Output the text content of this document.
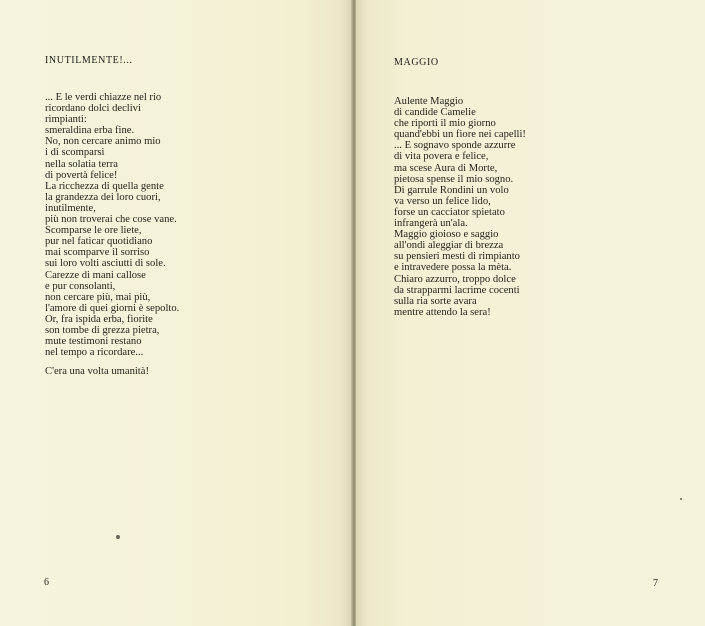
INUTILMENTE!...
... E le verdi chiazze nel rio
ricordano dolci declivi
rimpianti:
smeraldina erba fine.
No, non cercare animo mio
i di scomparsi
nella solatia terra
di povertà felice!
La ricchezza di quella gente
la grandezza dei loro cuori,
inutilmente,
più non troverai che cose vane.
Scomparse le ore liete,
pur nel faticar quotidiano
mai scomparve il sorriso
sui loro volti asciutti di sole.
Carezze di mani callose
e pur consolanti,
non cercare più, mai più,
l'amore di quei giorni è sepolto.
Or, fra ispida erba, fiorite
son tombe di grezza pietra,
mute testimoni restano
nel tempo a ricordare...

C'era una volta umanità!

6
MAGGIO
Aulente Maggio
di candide Camelie
che riporti il mio giorno
quand'ebbi un fiore nei capelli!
... E sognavo sponde azzurre
di vita povera e felice,
ma scese Aura di Morte,
pietosa spense il mio sogno.
Di garrule Rondini un volo
va verso un felice lido,
forse un cacciator spietato
infrangerà un'ala.
Maggio gioioso e saggio
all'ondi aleggiar di brezza
su pensieri mesti di rimpianto
e intravedere possa la mèta.
Chiaro azzurro, troppo dolce
da strapparmi lacrime cocenti
sulla ria sorte avara
mentre attendo la sera!
7
